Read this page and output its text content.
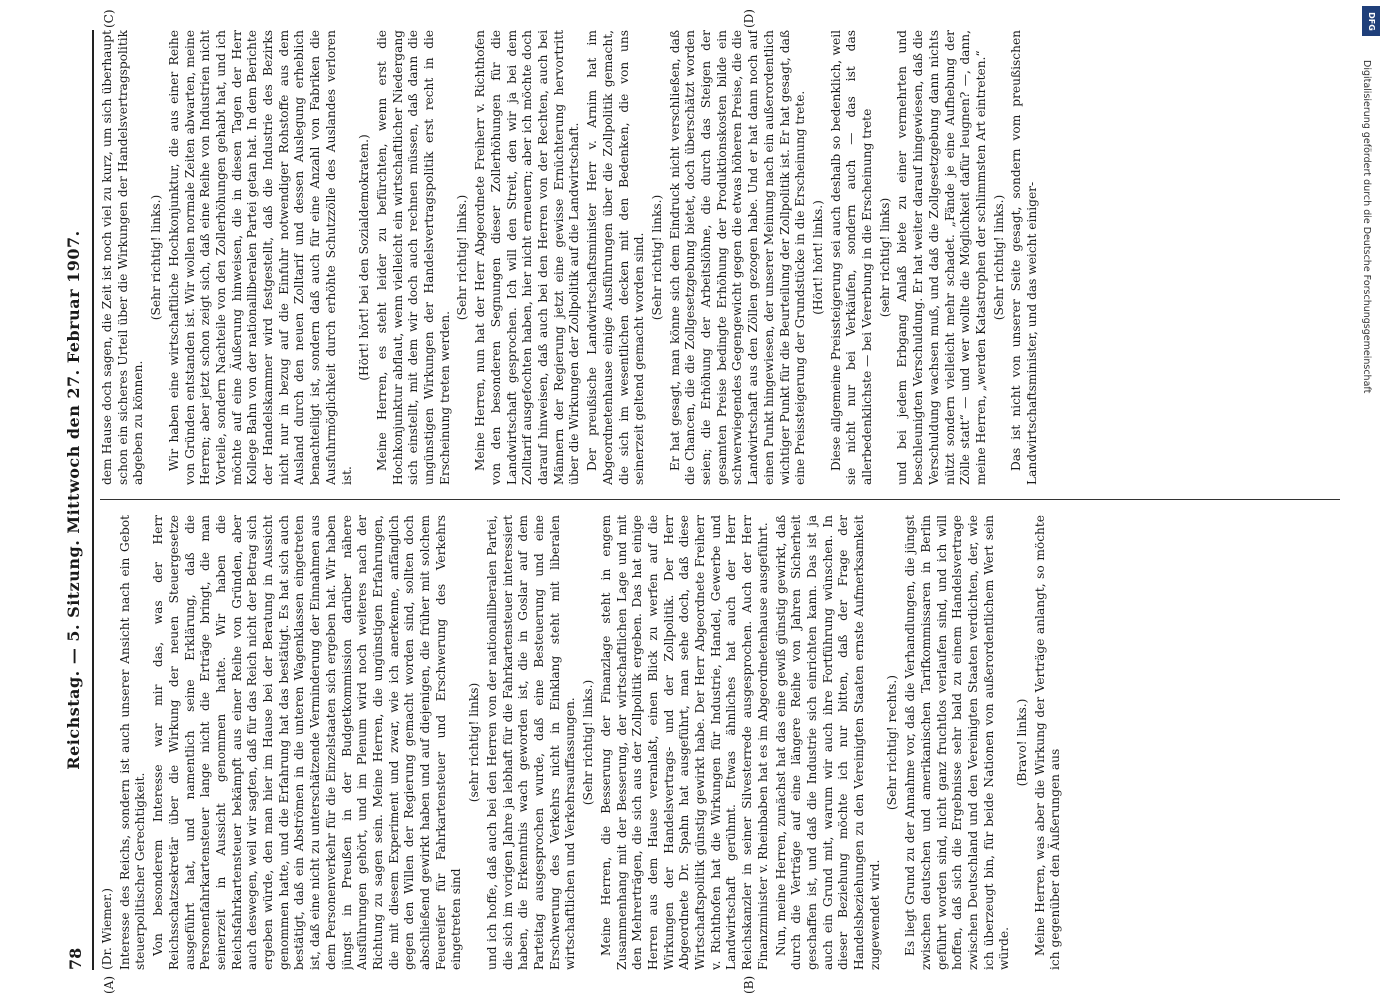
78
Reichstag. — 5. Sitzung. Mittwoch den 27. Februar 1907.

(Dr. Wiemer.) Interesse des Reichs, sondern ist auch unserer Ansicht nach ein Gebot steuerpolitischer Gerechtigkeit. Von besonderem Interesse war mir das, was der Herr Reichsschatzsekretär über die Wirkung der neuen Steuergesetze ausgeführt hat, und namentlich seine Erklärung, daß die Personenfahrkartensteuer lange nicht die Erträge bringt, die man seinerzeit in Aussicht genommen hatte. Wir haben die Reichsfahrkartensteuer bekämpft aus einer Reihe von Gründen, aber auch deswegen, weil wir sagten, daß für das Reich nicht der Betrag sich ergeben würde, den man hier im Hause bei der Beratung in Aussicht genommen hatte, und die Erfahrung hat das bestätigt. Es hat sich auch bestätigt, daß ein Abströmen in die unteren Wagenklassen eingetreten ist, daß eine nicht zu unterschätzende Verminderung der Einnahmen aus dem Personenverkehr für die Einzelstaaten sich ergeben hat. Wir haben jüngst in Preußen in der Budgetkommission darüber nähere Ausführungen gehört, und im Plenum wird noch weiteres nach der Richtung zu sagen sein. Meine Herren, die ungünstigen Erfahrungen, die mit diesem Experiment und zwar, wie ich anerkenne, anfänglich gegen den Willen der Regierung gemacht worden sind, sollten doch abschließend gewirkt haben und auf diejenigen, die früher mit solchem Feuereifer für Fahrkartensteuer und Erschwerung des Verkehrs eingetreten sind

(sehr richtig! links) und ich hoffe, daß auch bei den Herren von der nationalliberalen Partei, die sich im vorigen Jahre ja lebhaft für die Fahrkartensteuer interessiert haben, die Erkenntnis wach geworden ist, die in Goslar auf dem Parteitag ausgesprochen wurde, daß eine Besteuerung und eine Erschwerung des Verkehrs nicht in Einklang steht mit liberalen wirtschaftlichen und Verkehrsauffassungen. (Sehr richtig! links.) Meine Herren, die Besserung der Finanzlage steht in engem Zusammenhang mit der Besserung, der wirtschaftlichen Lage und mit den Mehrerträgen, die sich aus der Zollpolitik ergeben. Das hat einige Herren aus dem Hause veranlaßt, einen Blick zu werfen auf die Wirkungen der Handelsvertrags- und der Zollpolitik. Der Herr Abgeordnete Dr. Spahn hat ausgeführt, man sehe doch, daß diese Wirtschaftspolitik günstig gewirkt habe. Der Herr Abgeordnete Freiherr v. Richthofen hat die Wirkungen für Industrie, Handel, Gewerbe und Landwirtschaft gerühmt. Etwas ähnliches hat auch der Herr Reichskanzler in seiner Silvesterrede ausgesprochen. Auch der Herr Finanzminister v. Rheinbaben hat es im Abgeordnetenhause ausgeführt. Nun, meine Herren, zunächst hat das eine gewiß günstig gewirkt, daß durch die Verträge auf eine längere Reihe von Jahren Sicherheit geschaffen ist, und daß die Industrie sich einrichten kann. Das ist ja auch ein Grund mit, warum wir auch ihre Fortführung wünschen. In dieser Beziehung möchte ich nur bitten, daß der Frage der Handelsbeziehungen zu den Vereinigten Staaten ernste Aufmerksamkeit zugewendet wird.

(Sehr richtig! rechts.) Es liegt Grund zu der Annahme vor, daß die Verhandlungen, die jüngst zwischen deutschen und amerikanischen Tarifkommissaren in Berlin geführt worden sind, nicht ganz fruchtlos verlaufen sind, und ich will hoffen, daß sich die Ergebnisse sehr bald zu einem Handelsvertrage zwischen Deutschland und den Vereinigten Staaten verdichten, der, wie ich überzeugt bin, für beide Nationen von außerordentlichem Wert sein würde.

(Bravo! links.) Meine Herren, was aber die Wirkung der Verträge anlangt, so möchte ich gegenüber den Äußerungen aus

dem Hause doch sagen, die Zeit ist noch viel zu kurz, um sich überhaupt schon ein sicheres Urteil über die Wirkungen der Handelsvertragspolitik abgeben zu können.

(Sehr richtig! links.) Wir haben eine wirtschaftliche Hochkonjunktur, die aus einer Reihe von Gründen entstanden ist. Wir wollen normale Zeiten abwarten, meine Herren; aber jetzt schon zeigt sich, daß eine Reihe von Industrien nicht Vorteile, sondern Nachteile von den Zollerhöhungen gehabt hat, und ich möchte auf eine Äußerung hinweisen, die in diesen Tagen der Herr Kollege Bahn von der nationalliberalen Partei getan hat. In dem Berichte der Handelskammer wird festgestellt, daß die Industrie des Bezirks nicht nur in bezug auf die Einfuhr notwendiger Rohstoffe aus dem Ausland durch den neuen Zolltarif und dessen Auslegung erheblich benachteiligt ist, sondern daß auch für eine Anzahl von Fabriken die Ausfuhrmöglichkeit durch erhöhte Schutzzölle des Auslandes verloren ist.

(Hört! hört! bei den Sozialdemokraten.) Meine Herren, es steht leider zu befürchten, wenn erst die Hochkonjunktur abflaut, wenn vielleicht ein wirtschaftlicher Niedergang sich einstellt, mit dem wir doch auch rechnen müssen, daß dann die ungünstigen Wirkungen der Handelsvertragspolitik erst recht in die Erscheinung treten werden.

(Sehr richtig! links.) Meine Herren, nun hat der Herr Abgeordnete Freiherr v. Richthofen von den besonderen Segnungen dieser Zollerhöhungen für die Landwirtschaft gesprochen. Ich will den Streit, den wir ja bei dem Zolltarif ausgefochten haben, hier nicht erneuern; aber ich möchte doch darauf hinweisen, daß auch bei den Herren von der Rechten, auch bei Männern der Regierung jetzt eine gewisse Ernüchterung hervortritt über die Wirkungen der Zollpolitik auf die Landwirtschaft. Der preußische Landwirtschaftsminister Herr v. Arnim hat im Abgeordnetenhause einige Ausführungen über die Zollpolitik gemacht, die sich im wesentlichen decken mit den Bedenken, die von uns seinerzeit geltend gemacht worden sind. (Sehr richtig! links.) Er hat gesagt, man könne sich dem Eindruck nicht verschließen, daß die Chancen, die die Zollgesetzgebung bietet, doch überschätzt worden seien; die Erhöhung der Arbeitslöhne, die durch das Steigen der gesamten Preise bedingte Erhöhung der Produktionskosten bilde ein schwerwiegendes Gegengewicht gegen die etwas höheren Preise, die die Landwirtschaft aus den Zöllen gezogen habe. Und er hat dann noch auf einen Punkt hingewiesen, der unserer Meinung nach ein außerordentlich wichtiger Punkt für die Beurteilung der Zollpolitik ist. Er hat gesagt, daß eine Preissteigerung der Grundstücke in die Erscheinung trete. (Hört! hört! links.) Diese allgemeine Preissteigerung sei auch deshalb so bedenklich, weil sie nicht nur bei Verkäufen, sondern auch — das ist das allerbedenklichste — bei Vererbung in die Erscheinung trete (sehr richtig! links) und bei jedem Erbgang Anlaß biete zu einer vermehrten und beschleunigten Verschuldung. Er hat weiter darauf hingewiesen, daß die Verschuldung wachsen muß, und daß die Zollgesetzgebung dann nichts nützt sondern vielleicht mehr schadet. „Fände je eine Aufhebung der Zölle statt“ — und wer wollte die Möglichkeit dafür leugnen? —, dann, meine Herren, „werden Katastrophen der schlimmsten Art eintreten.“ (Sehr richtig! links.) Das ist nicht von unserer Seite gesagt, sondern vom preußischen Landwirtschaftsminister, und das weicht einiger-

(A)	(B)
(C)	(D)	DFG
Digitalisierung gefördert durch die Deutsche Forschungsgemeinschaft
